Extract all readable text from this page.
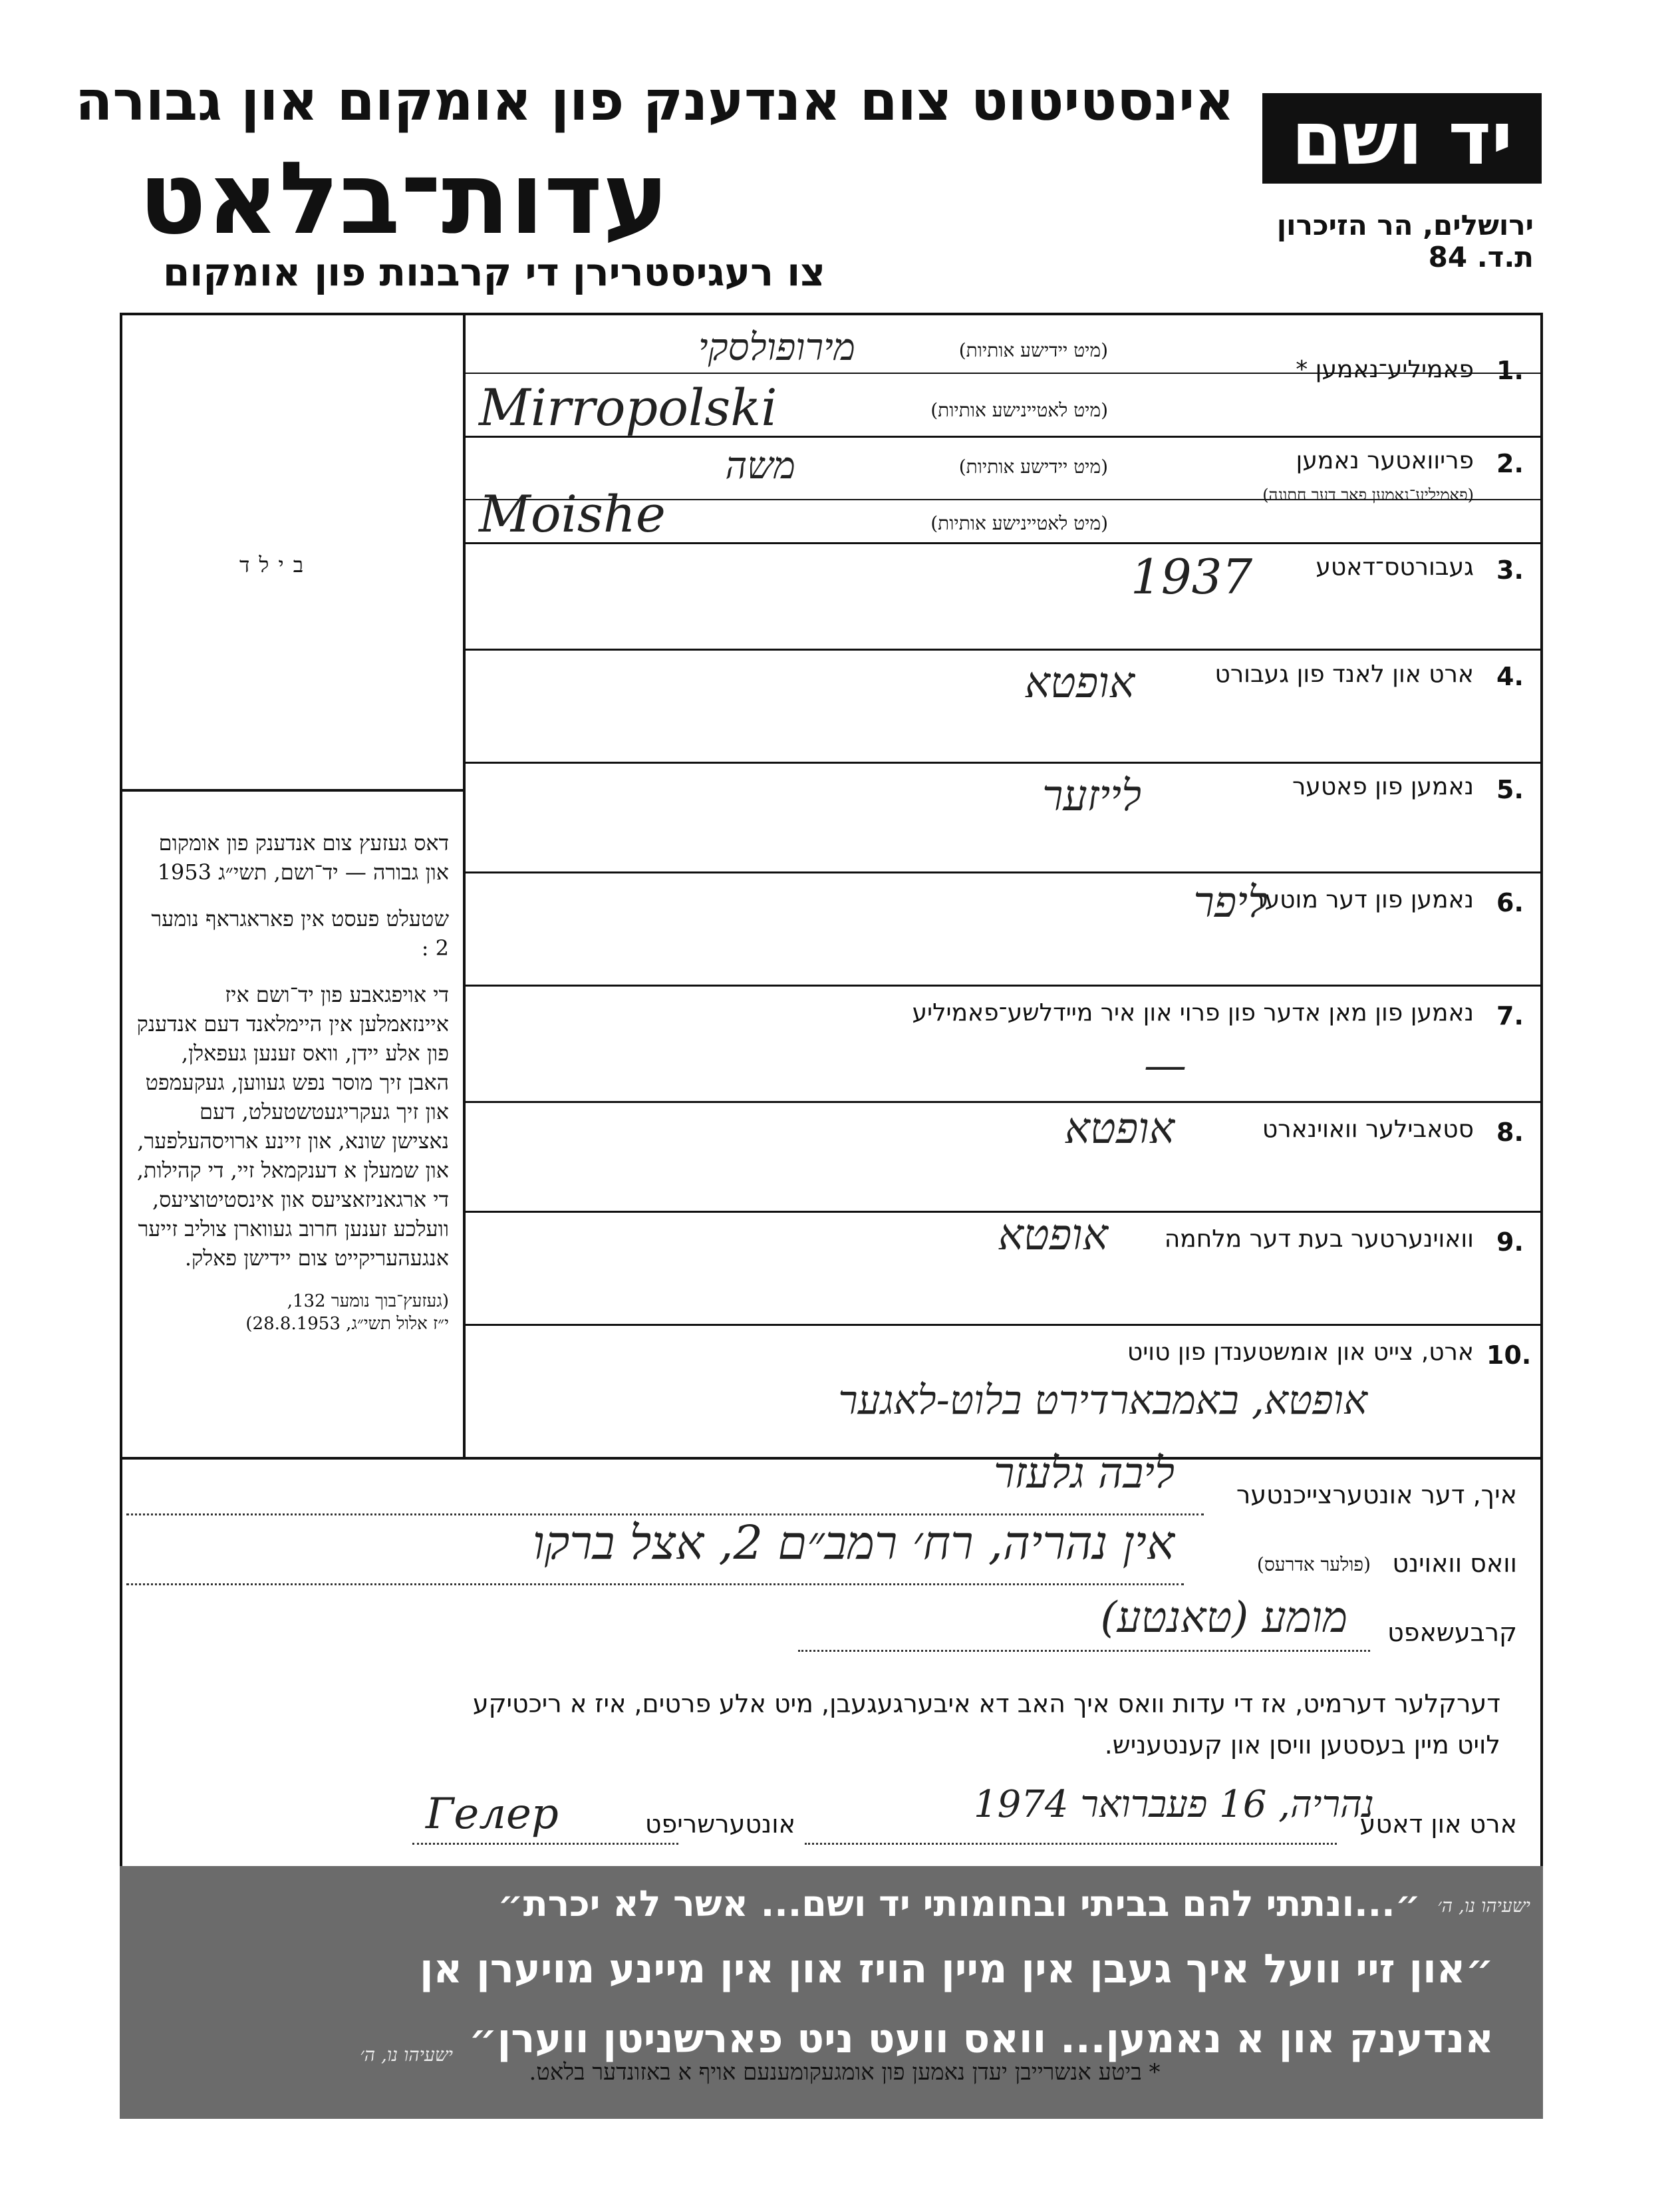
יד ושם
אינסטיטוט צום אנדענק פון אומקום און גבורה
עדות־בלאט
צו רעגיסטרירן די קרבנות פון אומקום
ירושלים, הר הזיכרון
ת.ד. 84
בילד

דאס געזעץ צום אנדענק פון אומקום און גבורה — יד־ושם, תשי״ג 1953

שטעלט פעסט אין פאראגראף נומער 2 :

די אויפגאבע פון יד־ושם איז איינזאמלען אין היימלאנד דעם אנדענק פון אלע יידן, וואס זענען געפאלן, האבן זיך מוסר נפש געווען, געקעמפט און זיך געקריגעטשטעלט, דעם נאצישן שונא, און זיינע ארויסהעלפער, און שמעלן א דענקמאל זיי, די קהילות, די ארגאניזאציעס און אינסטיטוציעס, וועלכע זענען חרוב געווארן צוליב זייער אנגעהעריקייט צום יידישן פאלק.

(געזעץ־בוך נומער 132,
י״ז אלול תשי״ג, 28.8.1953)

1.
פאמיליע־נאמען *
(מיט יידישע אותיות)
מירופולסקי
(מיט לאטיינישע אותיות)
Mirropolski
2.
פריוואטער נאמען
(פאמיליע־נאמען פאר דער חתונה)
(מיט יידישע אותיות)
משה
(מיט לאטיינישע אותיות)
Moishe
3.
געבורטס־דאטע
1937
4.
ארט און לאנד פון געבורט
אופטא
5.
נאמען פון פאטער
לייזער
6.
נאמען פון דער מוטער
ליפר
7.
נאמען פון מאן אדער פון פרוי און איר מיידלשע־פאמיליע
—
8.
סטאבילער וואוינארט
אופטא
9.
וואוינערטער בעת דער מלחמה
אופטא
10.
ארט, צייט און אומשטענדן פון טויט
אופטא, באמבארדירט בלוט-לאגער
איך, דער אונטערצייכנטער
ליבה גלעזר
וואס וואוינט
(פולער אדרעס)
אין נהריה, רח׳ רמב״ם 2, אצל ברקו
קרבעשאפט
מומע (טאנטע)
דערקלער דערמיט, אז די עדות וואס איך האב דא איבערגעגעבן, מיט אלע פרטים, איז א ריכטיקע לויט מיין בעסטען וויסן און קענטעניש.
ארט און דאטע
נהריה, 16 פעברואר 1974
אונטערשריפט
Гелер
״...ונתתי להם בביתי ובחומותי יד ושם... אשר לא יכרת״ ישעיהו נו, ה׳
״און זיי וועל איך געבן אין מיין הויז און אין מיינע מויערן אן
אנדענק און א נאמען... וואס וועט ניט פארשניטן ווערן״
ישעיהו נו, ה׳
* ביטע אנשרייבן יעדן נאמען פון אומגעקומענעם אויף א באזונדער בלאט.
